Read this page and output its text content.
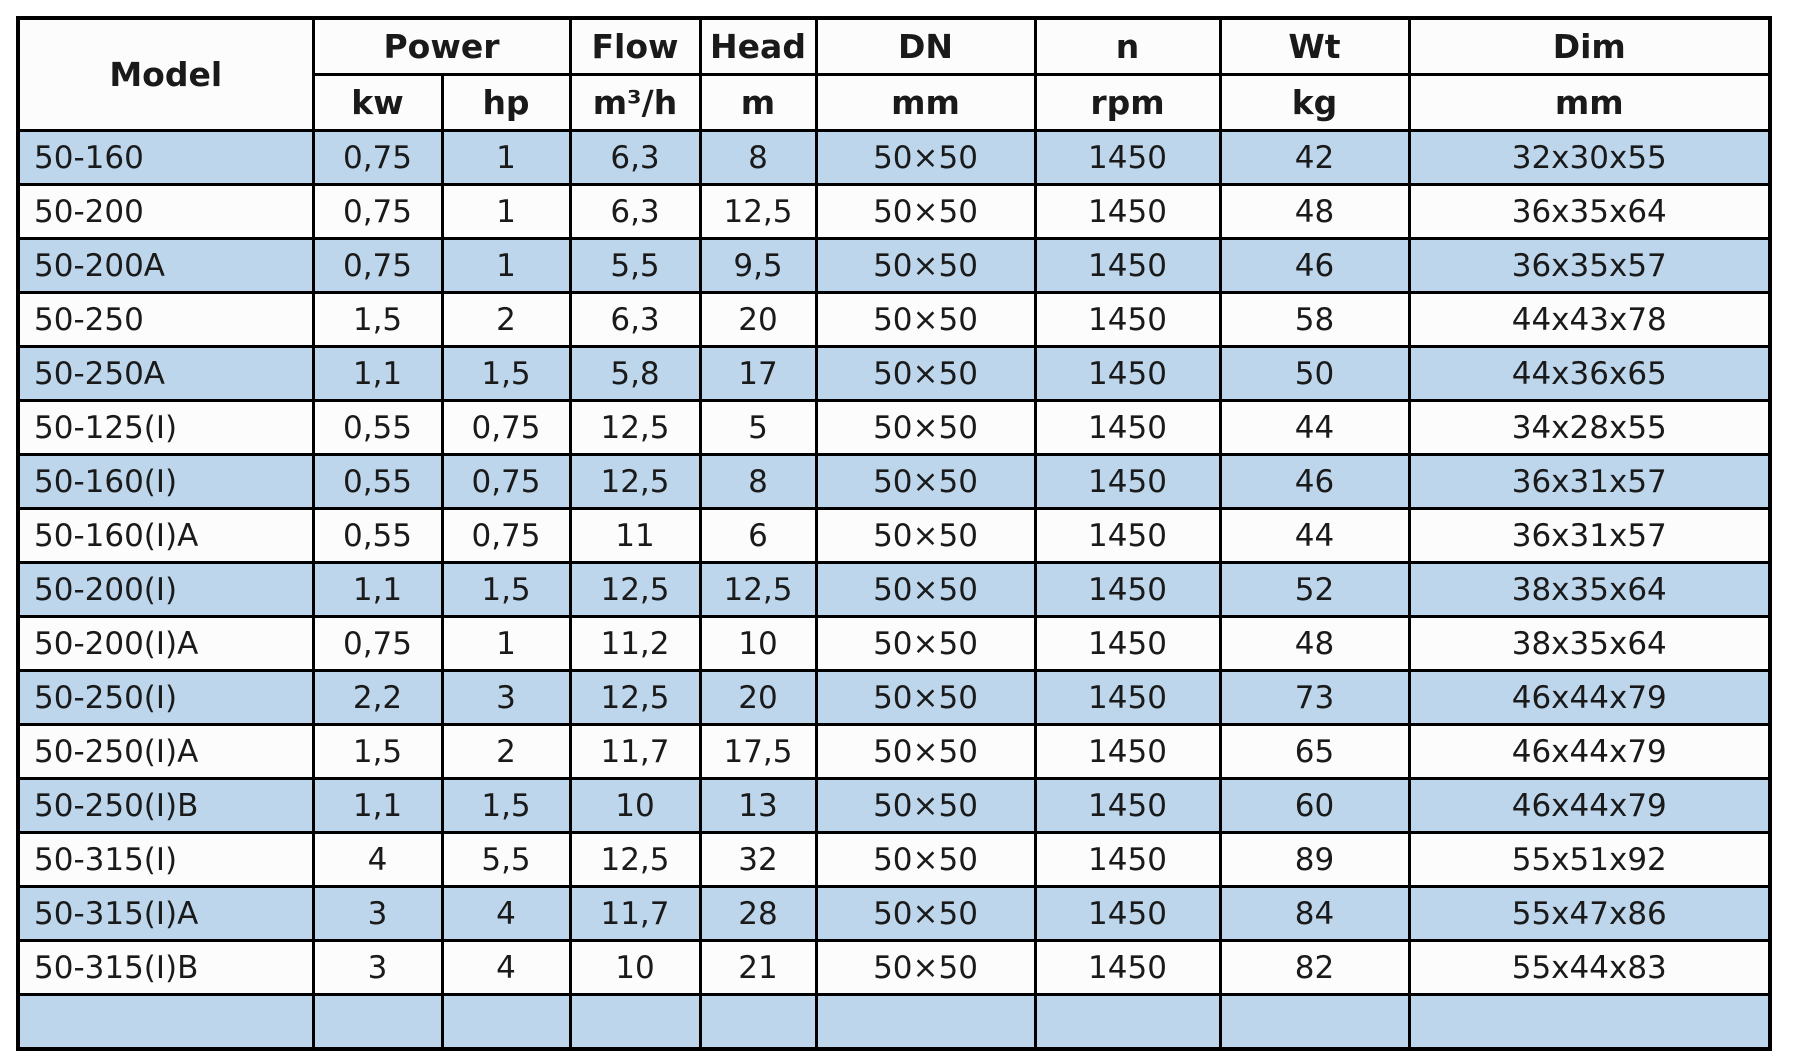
Model	Power		Flow	Head	DN	n	Wt	Dim
	kw	hp	m³/h	m	mm	rpm	kg	mm
50-160	0,75	1	6,3	8	50×50	1450	42	32x30x55
50-200	0,75	1	6,3	12,5	50×50	1450	48	36x35x64
50-200A	0,75	1	5,5	9,5	50×50	1450	46	36x35x57
50-250	1,5	2	6,3	20	50×50	1450	58	44x43x78
50-250A	1,1	1,5	5,8	17	50×50	1450	50	44x36x65
50-125(I)	0,55	0,75	12,5	5	50×50	1450	44	34x28x55
50-160(I)	0,55	0,75	12,5	8	50×50	1450	46	36x31x57
50-160(I)A	0,55	0,75	11	6	50×50	1450	44	36x31x57
50-200(I)	1,1	1,5	12,5	12,5	50×50	1450	52	38x35x64
50-200(I)A	0,75	1	11,2	10	50×50	1450	48	38x35x64
50-250(I)	2,2	3	12,5	20	50×50	1450	73	46x44x79
50-250(I)A	1,5	2	11,7	17,5	50×50	1450	65	46x44x79
50-250(I)B	1,1	1,5	10	13	50×50	1450	60	46x44x79
50-315(I)	4	5,5	12,5	32	50×50	1450	89	55x51x92
50-315(I)A	3	4	11,7	28	50×50	1450	84	55x47x86
50-315(I)B	3	4	10	21	50×50	1450	82	55x44x83
